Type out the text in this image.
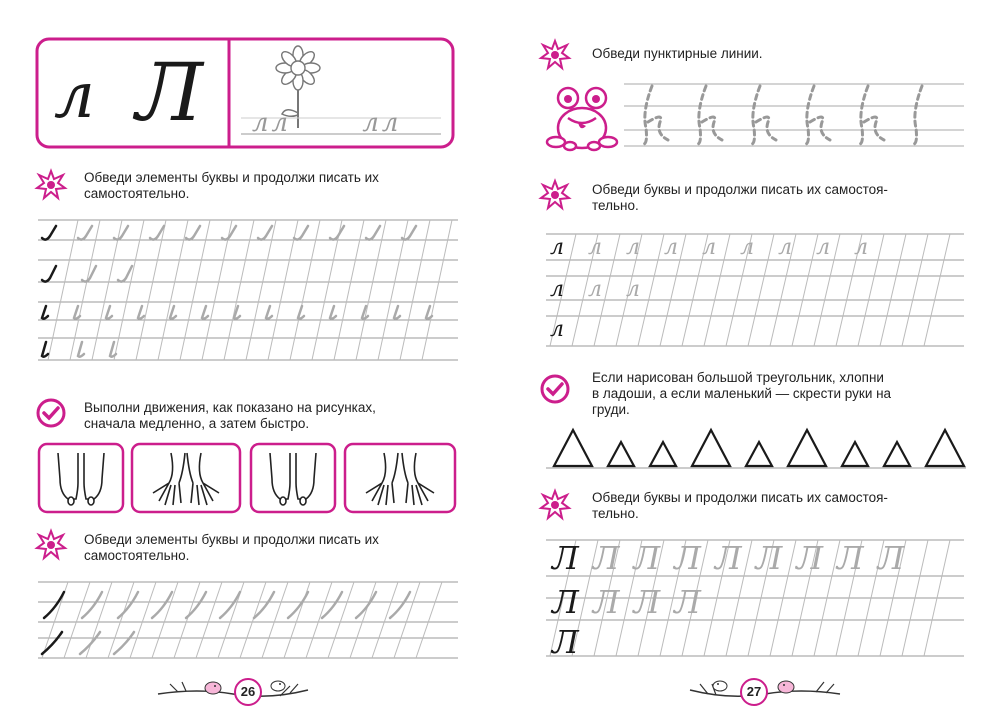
л Л лл лл
Обведи элементы буквы и продолжи писать их
самостоятельно.
Выполни движения, как показано на рисунках,
сначала медленно, а затем быстро.
Обведи элементы буквы и продолжи писать их
самостоятельно.
26
Обведи пунктирные линии.
Обведи буквы и продолжи писать их самостоя-
тельно.
л л л л л л л л л
л л л
л
Если нарисован большой треугольник, хлопни
в ладоши, а если маленький — скрести руки на
груди.
Обведи буквы и продолжи писать их самостоя-
тельно.
Л Л Л Л Л Л Л Л Л
Л Л Л Л
Л
27
